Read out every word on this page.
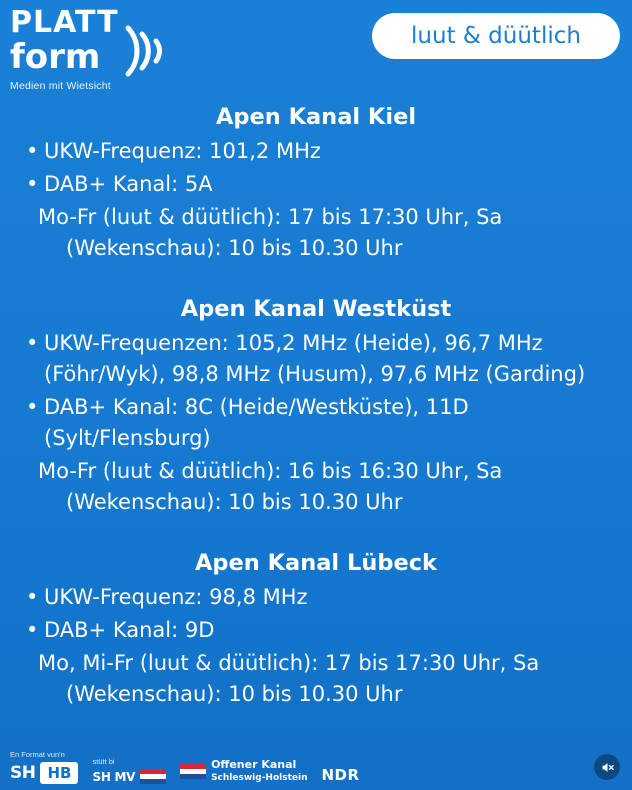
PLATT
form
Medien mit Wietsicht
luut & düütlich
Apen Kanal Kiel
• UKW-Frequenz: 101,2 MHz
• DAB+ Kanal: 5A

Mo-Fr (luut & düütlich): 17 bis 17:30 Uhr, Sa (Wekenschau): 10 bis 10.30 Uhr

Apen Kanal Westküst
• UKW-Frequenzen: 105,2 MHz (Heide), 96,7 MHz (Föhr/Wyk), 98,8 MHz (Husum), 97,6 MHz (Garding)
• DAB+ Kanal: 8C (Heide/Westküste), 11D (Sylt/Flensburg)

Mo-Fr (luut & düütlich): 16 bis 16:30 Uhr, Sa (Wekenschau): 10 bis 10.30 Uhr

Apen Kanal Lübeck
• UKW-Frequenz: 98,8 MHz
• DAB+ Kanal: 9D

Mo, Mi-Fr (luut & düütlich): 17 bis 17:30 Uhr, Sa (Wekenschau): 10 bis 10.30 Uhr

En Format vun'n
SH HB
stütt bi
SH MV
Offener Kanal
Schleswig-Holstein NDR
